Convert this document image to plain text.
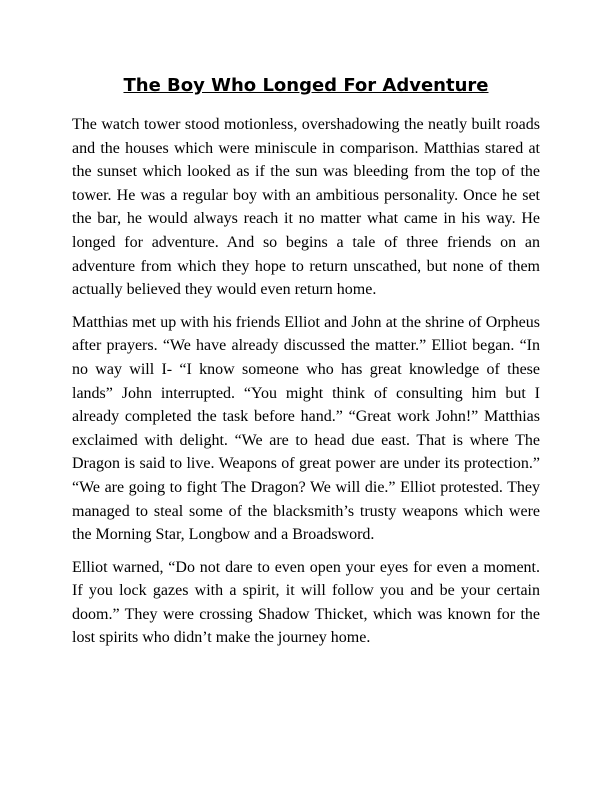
The Boy Who Longed For Adventure

The watch tower stood motionless, overshadowing the neatly built roads and the houses which were miniscule in comparison. Matthias stared at the sunset which looked as if the sun was bleeding from the top of the tower. He was a regular boy with an ambitious personality. Once he set the bar, he would always reach it no matter what came in his way. He longed for adventure. And so begins a tale of three friends on an adventure from which they hope to return unscathed, but none of them actually believed they would even return home.

Matthias met up with his friends Elliot and John at the shrine of Orpheus after prayers. “We have already discussed the matter.” Elliot began. “In no way will I- “I know someone who has great knowledge of these lands” John interrupted. “You might think of consulting him but I already completed the task before hand.” “Great work John!” Matthias exclaimed with delight. “We are to head due east. That is where The Dragon is said to live. Weapons of great power are under its protection.” “We are going to fight The Dragon? We will die.” Elliot protested. They managed to steal some of the blacksmith’s trusty weapons which were the Morning Star, Longbow and a Broadsword.

Elliot warned, “Do not dare to even open your eyes for even a moment. If you lock gazes with a spirit, it will follow you and be your certain doom.” They were crossing Shadow Thicket, which was known for the lost spirits who didn’t make the journey home.
